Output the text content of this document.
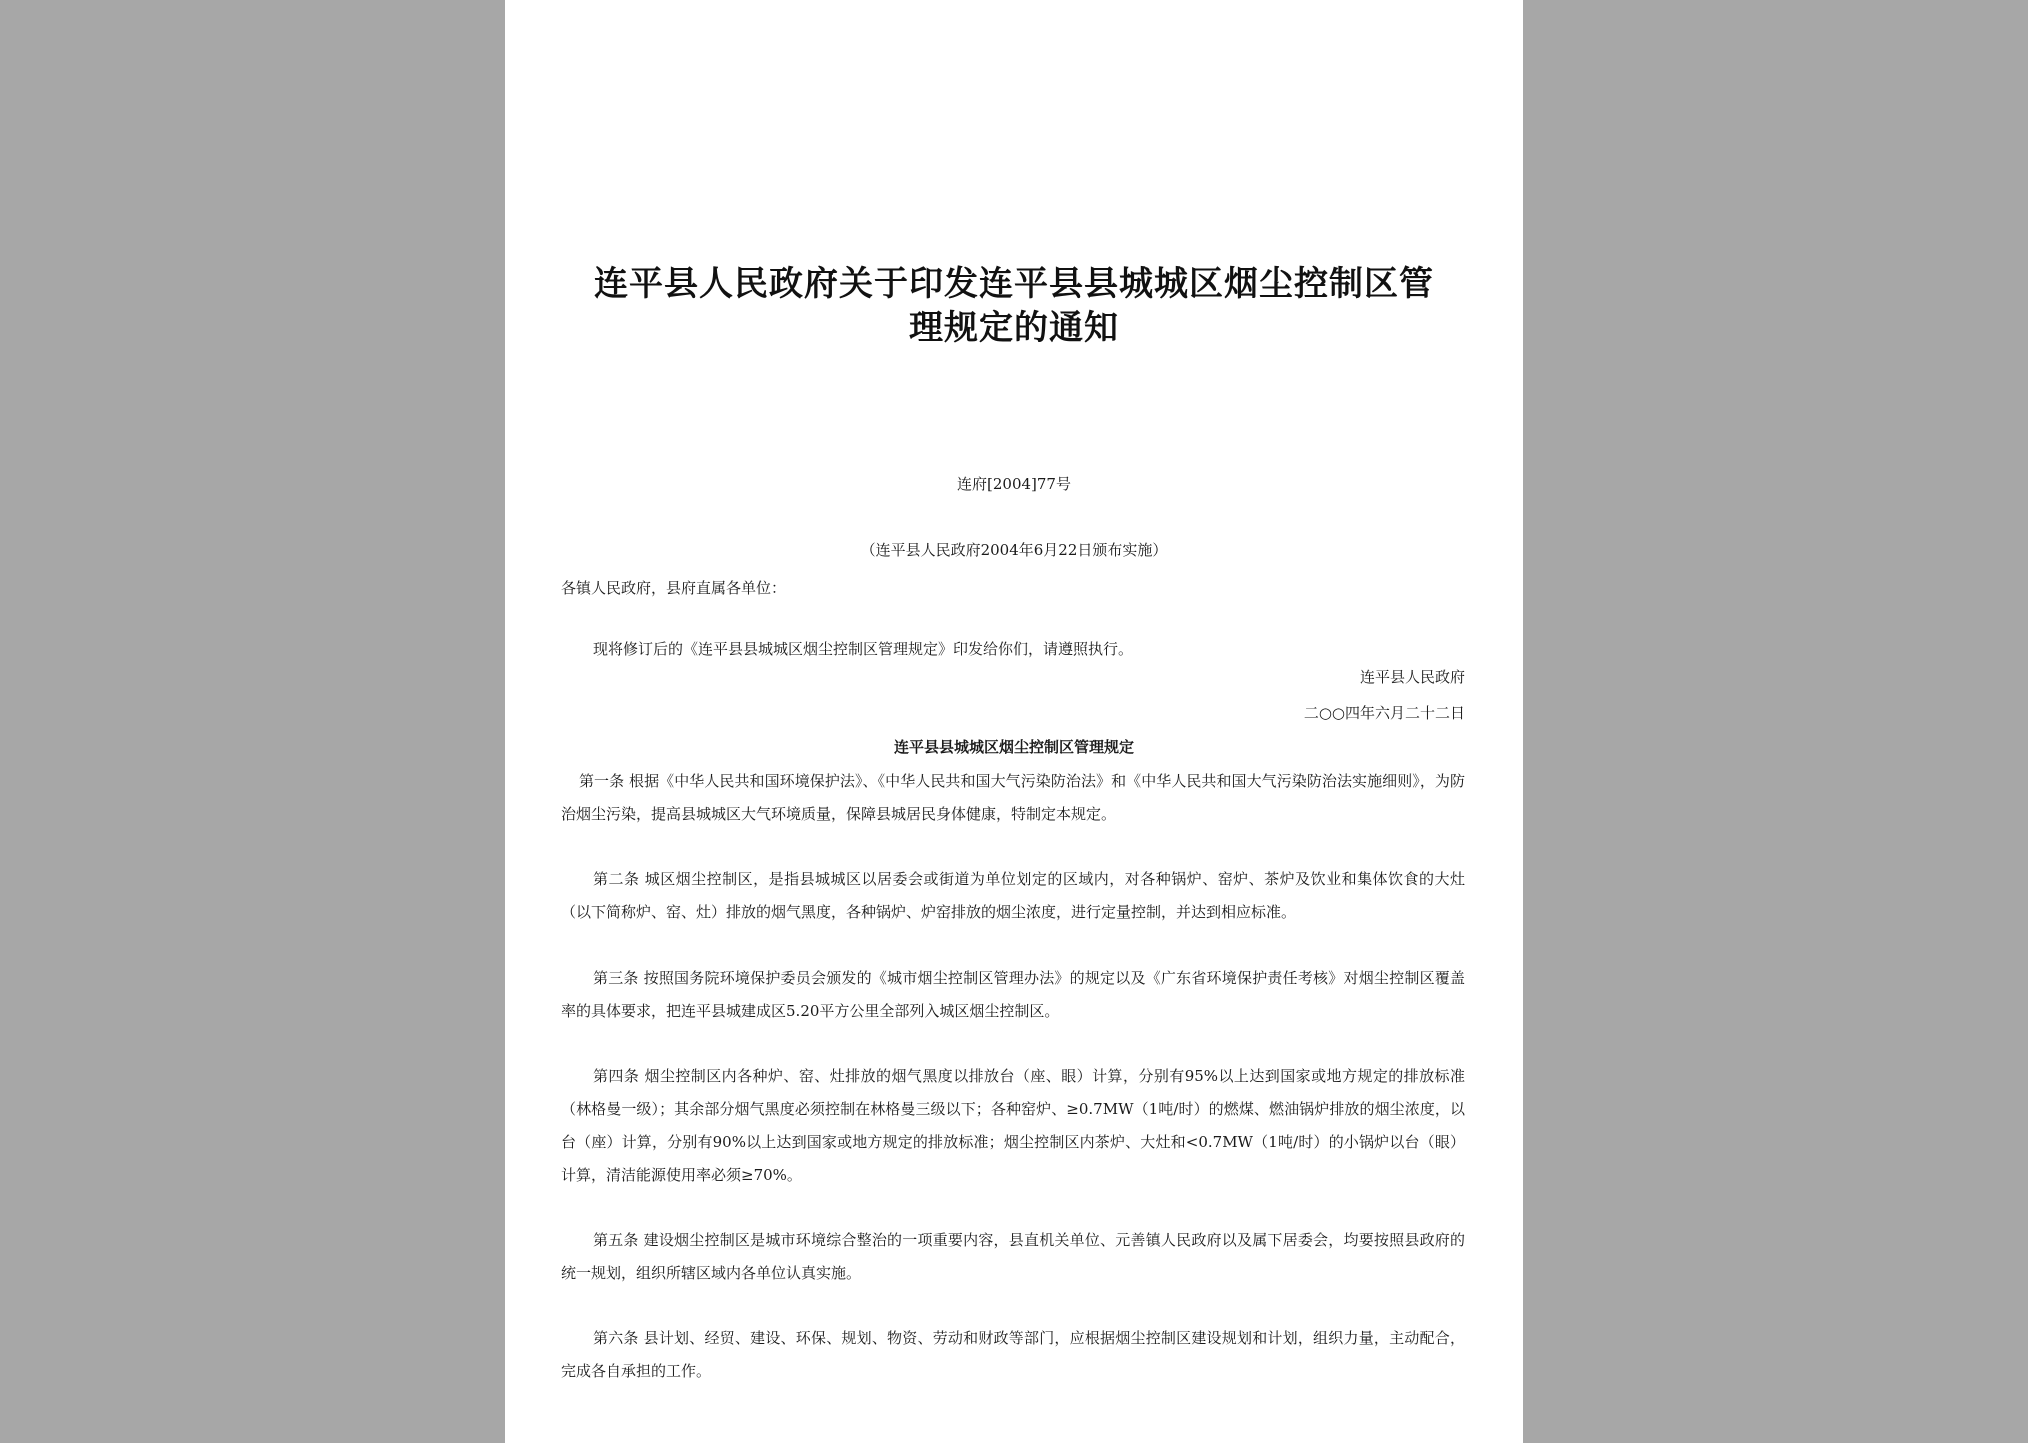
连平县人民政府关于印发连平县县城城区烟尘控制区管
理规定的通知
连府[2004]77号
（连平县人民政府2004年6月22日颁布实施）
各镇人民政府，县府直属各单位：
现将修订后的《连平县县城城区烟尘控制区管理规定》印发给你们，请遵照执行。
连平县人民政府
二○○四年六月二十二日
连平县县城城区烟尘控制区管理规定
第一条 根据《中华人民共和国环境保护法》、《中华人民共和国大气污染防治法》和《中华人民共和国大气污染防治法实施细则》，为防治烟尘污染，提高县城城区大气环境质量，保障县城居民身体健康，特制定本规定。
第二条 城区烟尘控制区，是指县城城区以居委会或街道为单位划定的区域内，对各种锅炉、窑炉、茶炉及饮业和集体饮食的大灶（以下简称炉、窑、灶）排放的烟气黑度，各种锅炉、炉窑排放的烟尘浓度，进行定量控制，并达到相应标准。
第三条 按照国务院环境保护委员会颁发的《城市烟尘控制区管理办法》的规定以及《广东省环境保护责任考核》对烟尘控制区覆盖率的具体要求，把连平县城建成区5.20平方公里全部列入城区烟尘控制区。
第四条 烟尘控制区内各种炉、窑、灶排放的烟气黑度以排放台（座、眼）计算，分别有95%以上达到国家或地方规定的排放标准（林格曼一级）；其余部分烟气黑度必须控制在林格曼三级以下；各种窑炉、≥0.7MW（1吨/时）的燃煤、燃油锅炉排放的烟尘浓度，以台（座）计算，分别有90%以上达到国家或地方规定的排放标准；烟尘控制区内茶炉、大灶和<0.7MW（1吨/时）的小锅炉以台（眼）计算，清洁能源使用率必须≥70%。
第五条 建设烟尘控制区是城市环境综合整治的一项重要内容，县直机关单位、元善镇人民政府以及属下居委会，均要按照县政府的统一规划，组织所辖区域内各单位认真实施。
第六条 县计划、经贸、建设、环保、规划、物资、劳动和财政等部门，应根据烟尘控制区建设规划和计划，组织力量，主动配合，完成各自承担的工作。
